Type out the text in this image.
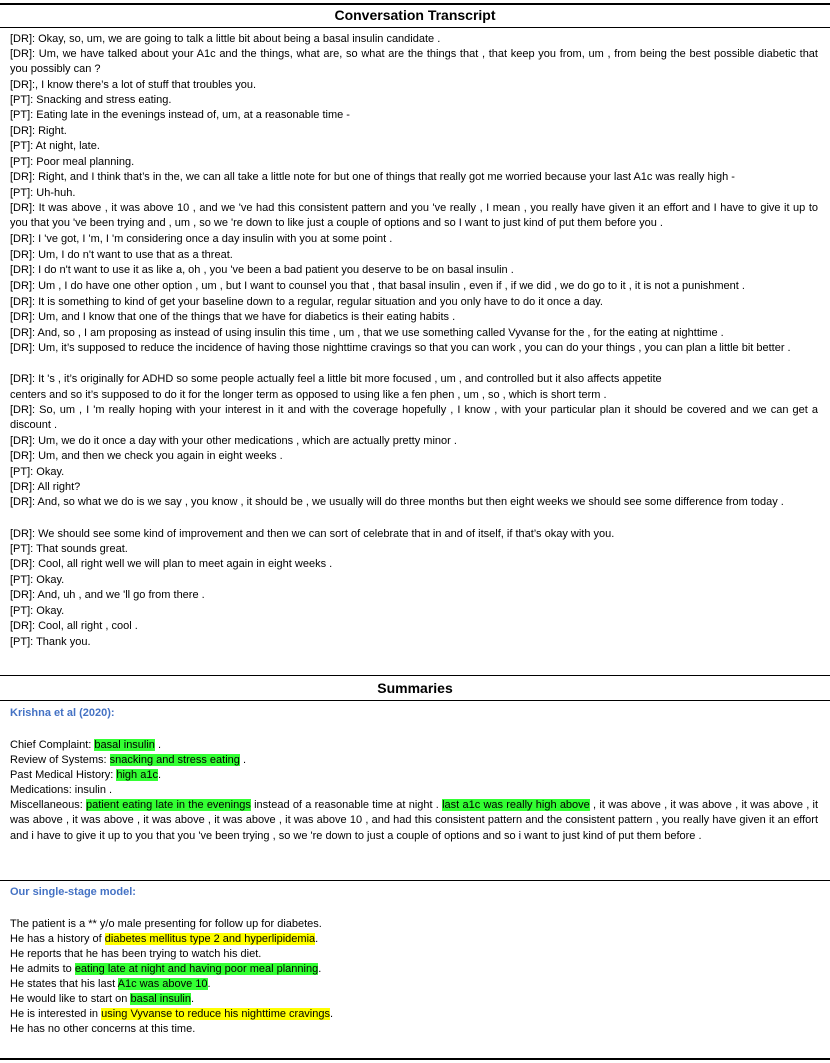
Conversation Transcript
[DR]: Okay, so, um, we are going to talk a little bit about being a basal insulin candidate .
[DR]: Um, we have talked about your A1c and the things, what are, so what are the things that , that keep you from, um , from being the best possible diabetic that you possibly can ?
[DR]:, I know there’s a lot of stuff that troubles you.
[PT]: Snacking and stress eating.
[PT]: Eating late in the evenings instead of, um, at a reasonable time -
[DR]: Right.
[PT]: At night, late.
[PT]: Poor meal planning.
[DR]: Right, and I think that’s in the, we can all take a little note for but one of things that really got me worried because your last A1c was really high -
[PT]: Uh-huh.
[DR]: It was above , it was above 10 , and we 've had this consistent pattern and you 've really , I mean , you really have given it an effort and I have to give it up to you that you 've been trying and , um , so we 're down to like just a couple of options and so I want to just kind of put them before you .
[DR]: I 've got, I 'm, I 'm considering once a day insulin with you at some point .
[DR]: Um, I do n't want to use that as a threat.
[DR]: I do n't want to use it as like a, oh , you 've been a bad patient you deserve to be on basal insulin .
[DR]: Um , I do have one other option , um , but I want to counsel you that , that basal insulin , even if , if we did , we do go to it , it is not a punishment .
[DR]: It is something to kind of get your baseline down to a regular, regular situation and you only have to do it once a day.
[DR]: Um, and I know that one of the things that we have for diabetics is their eating habits .
[DR]: And, so , I am proposing as instead of using insulin this time , um , that we use something called Vyvanse for the , for the eating at nighttime .
[DR]: Um, it’s supposed to reduce the incidence of having those nighttime cravings so that you can work , you can do your things , you can plan a little bit better .
[DR]: It 's , it’s originally for ADHD so some people actually feel a little bit more focused , um , and controlled but it also affects appetite
centers and so it’s supposed to do it for the longer term as opposed to using like a fen phen , um , so , which is short term .
[DR]: So, um , I 'm really hoping with your interest in it and with the coverage hopefully , I know , with your particular plan it should be covered and we can get a discount .
[DR]: Um, we do it once a day with your other medications , which are actually pretty minor .
[DR]: Um, and then we check you again in eight weeks .
[PT]: Okay.
[DR]: All right?
[DR]: And, so what we do is we say , you know , it should be , we usually will do three months but then eight weeks we should see some difference from today .
[DR]: We should see some kind of improvement and then we can sort of celebrate that in and of itself, if that’s okay with you.
[PT]: That sounds great.
[DR]: Cool, all right well we will plan to meet again in eight weeks .
[PT]: Okay.
[DR]: And, uh , and we 'll go from there .
[PT]: Okay.
[DR]: Cool, all right , cool .
[PT]: Thank you.
Summaries
Krishna et al (2020):
Chief Complaint: basal insulin .
Review of Systems: snacking and stress eating .
Past Medical History: high a1c.
Medications: insulin .
Miscellaneous: patient eating late in the evenings instead of a reasonable time at night . last a1c was really high above , it was above , it was above , it was above , it was above , it was above , it was above , it was above , it was above 10 , and had this consistent pattern and the consistent pattern , you really have given it an effort and i have to give it up to you that you 've been trying , so we 're down to just a couple of options and so i want to just kind of put them before .
Our single-stage model:
The patient is a ** y/o male presenting for follow up for diabetes.
He has a history of diabetes mellitus type 2 and hyperlipidemia.
He reports that he has been trying to watch his diet.
He admits to eating late at night and having poor meal planning.
He states that his last A1c was above 10.
He would like to start on basal insulin.
He is interested in using Vyvanse to reduce his nighttime cravings.
He has no other concerns at this time.
